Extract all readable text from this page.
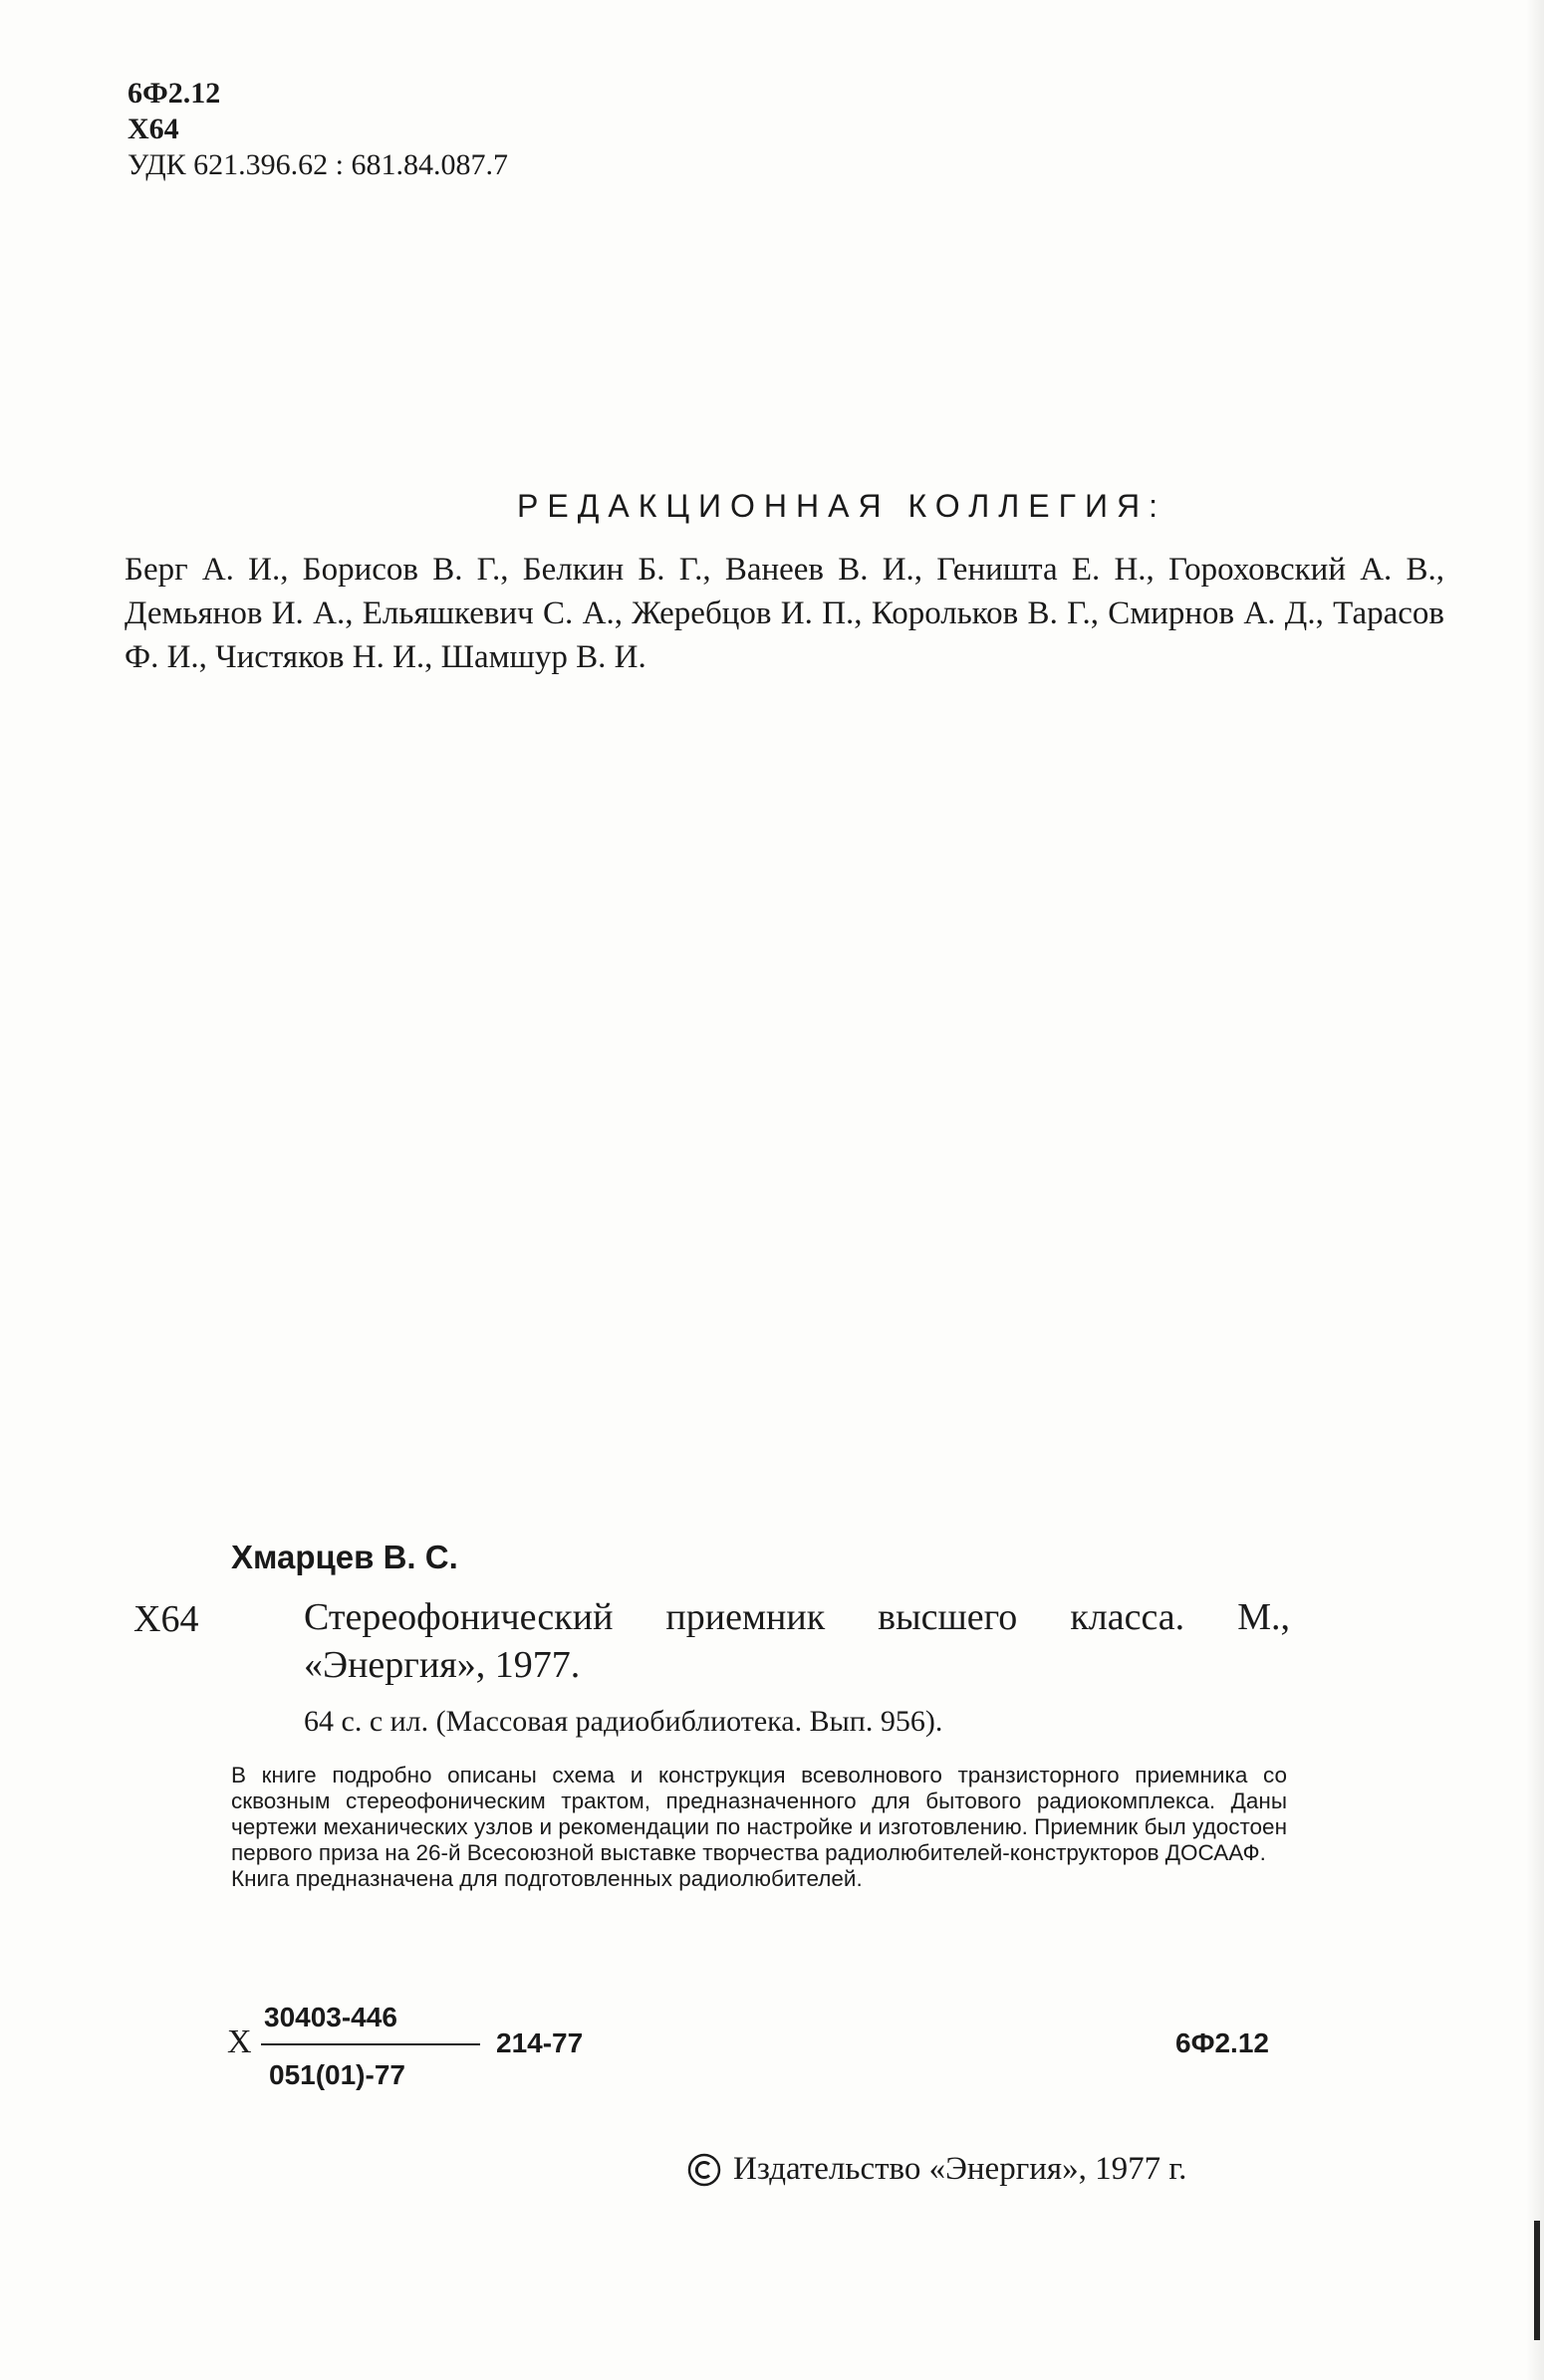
6Ф2.12
Х64
УДК 621.396.62 : 681.84.087.7
РЕДАКЦИОННАЯ КОЛЛЕГИЯ:
Берг А. И., Борисов В. Г., Белкин Б. Г., Ванеев В. И., Геништа Е. Н., Гороховский А. В., Демьянов И. А., Ельяшкевич С. А., Жеребцов И. П., Корольков В. Г., Смирнов А. Д., Тарасов Ф. И., Чистяков Н. И., Шамшур В. И.
Хмарцев В. С.
Х64	Стереофонический приемник высшего класса. М., «Энергия», 1977.
64 с. с ил. (Массовая радиобиблиотека. Вып. 956).
В книге подробно описаны схема и конструкция всеволнового транзисторного приемника со сквозным стереофоническим трактом, предназначенного для бытового радиокомплекса. Даны чертежи механических узлов и рекомендации по настройке и изготовлению. Приемник был удостоен первого приза на 26-й Всесоюзной выставке творчества радиолюбителей-конструкторов ДОСААФ.
Книга предназначена для подготовленных радиолюбителей.
Х
30403-446
051(01)-77
214-77	6Ф2.12
Издательство «Энергия», 1977 г.
